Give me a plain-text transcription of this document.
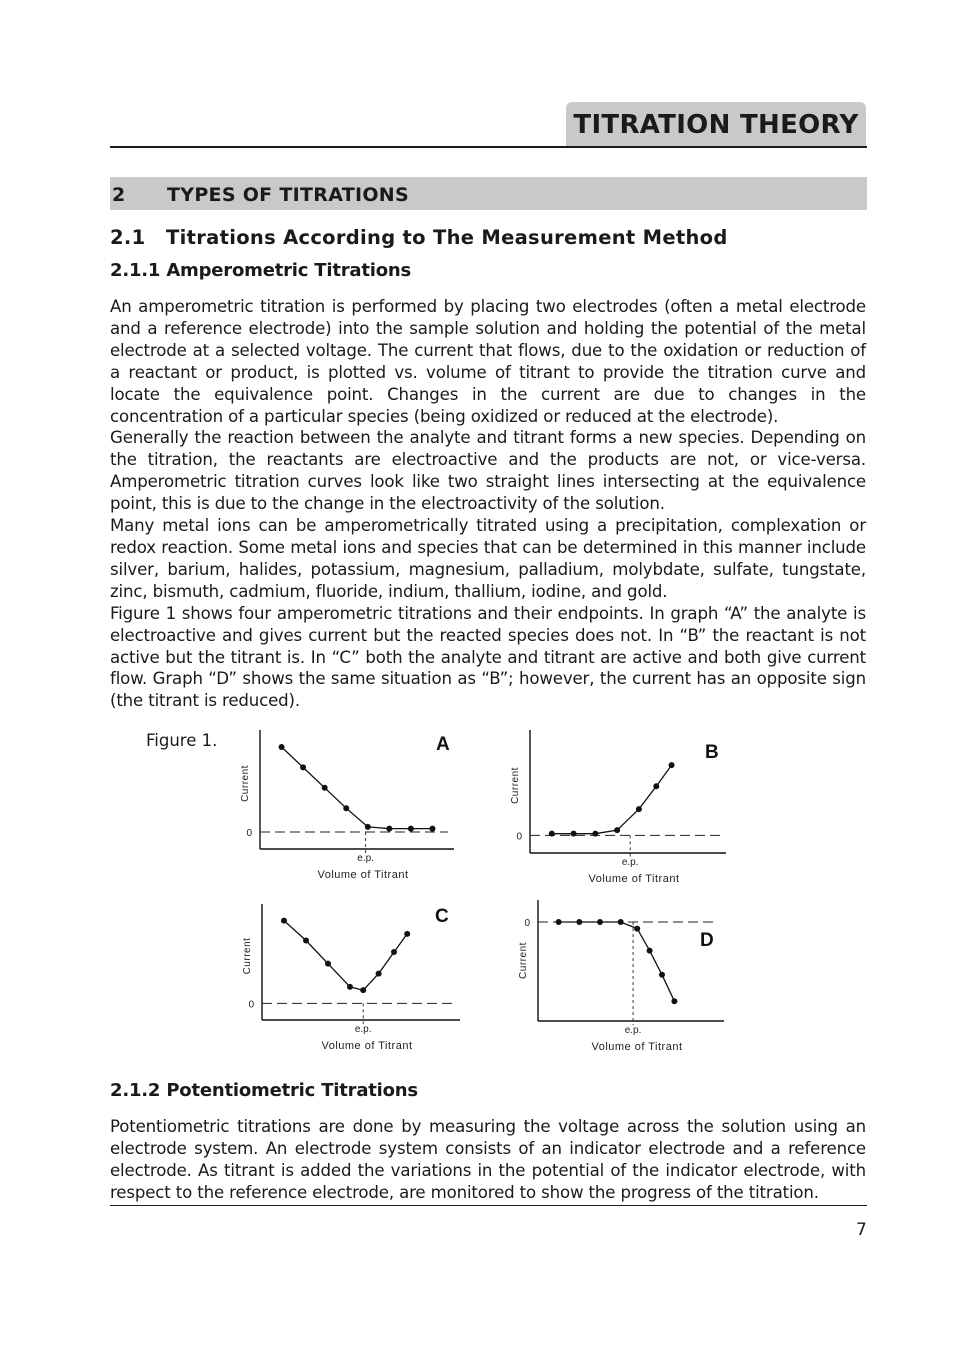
TITRATION THEORY
2 TYPES OF TITRATIONS
2.1 Titrations According to The Measurement Method
2.1.1 Amperometric Titrations

An amperometric titration is performed by placing two electrodes (often a metal electrode and a reference electrode) into the sample solution and holding the potential of the metal electrode at a selected voltage. The current that flows, due to the oxidation or reduction of a reactant or product, is plotted vs. volume of titrant to provide the titration curve and locate the equivalence point. Changes in the current are due to changes in the concentration of a particular species (being oxidized or reduced at the electrode).

Generally the reaction between the analyte and titrant forms a new species. Depending on the titration, the reactants are electroactive and the products are not, or vice-versa. Amperometric titration curves look like two straight lines intersecting at the equivalence point, this is due to the change in the electroactivity of the solution.

Many metal ions can be amperometrically titrated using a precipitation, complexation or redox reaction. Some metal ions and species that can be determined in this manner include silver, barium, halides, potassium, magnesium, palladium, molybdate, sulfate, tungstate, zinc, bismuth, cadmium, fluoride, indium, thallium, iodine, and gold.

Figure 1 shows four amperometric titrations and their endpoints. In graph “A” the analyte is electroactive and gives current but the reacted species does not. In “B” the reactant is not active but the titrant is. In “C” both the analyte and titrant are active and both give current flow. Graph “D” shows the same situation as “B”; however, the current has an opposite sign (the titrant is reduced).

Figure 1.
0
Current
e.p.
Volume of Titrant
A
0
Current
e.p.
Volume of Titrant
B
0
Current
e.p.
Volume of Titrant
C	0
Current
e.p.
Volume of Titrant
D
2.1.2 Potentiometric Titrations

Potentiometric titrations are done by measuring the voltage across the solution using an electrode system. An electrode system consists of an indicator electrode and a reference electrode. As titrant is added the variations in the potential of the indicator electrode, with respect to the reference electrode, are monitored to show the progress of the titration.

7
